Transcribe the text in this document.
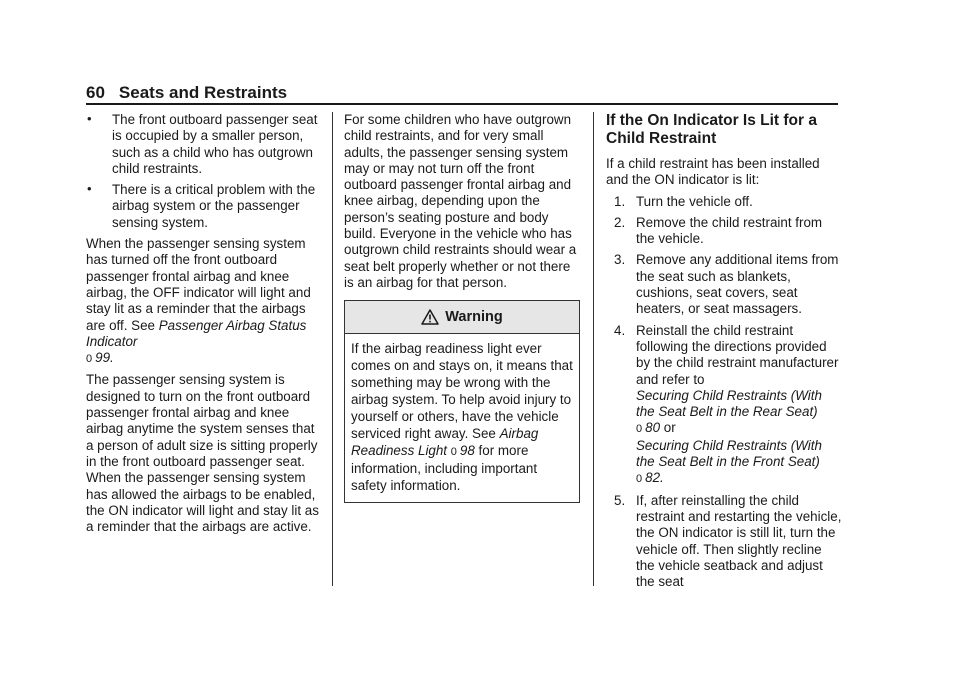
60 Seats and Restraints
• The front outboard passenger seat is occupied by a smaller person, such as a child who has outgrown child restraints.
• There is a critical problem with the airbag system or the passenger sensing system.

When the passenger sensing system has turned off the front outboard passenger frontal airbag and knee airbag, the OFF indicator will light and stay lit as a reminder that the airbags are off. See Passenger Airbag Status Indicator
0 99.

The passenger sensing system is designed to turn on the front outboard passenger frontal airbag and knee airbag anytime the system senses that a person of adult size is sitting properly in the front outboard passenger seat. When the passenger sensing system has allowed the airbags to be enabled, the ON indicator will light and stay lit as a reminder that the airbags are active.

For some children who have outgrown child restraints, and for very small adults, the passenger sensing system may or may not turn off the front outboard passenger frontal airbag and knee airbag, depending upon the person’s seating posture and body build. Everyone in the vehicle who has outgrown child restraints should wear a seat belt properly whether or not there is an airbag for that person.

Warning
If the airbag readiness light ever comes on and stays on, it means that something may be wrong with the airbag system. To help avoid injury to yourself or others, have the vehicle serviced right away. See Airbag Readiness Light 0 98 for more information, including important safety information.
If the On Indicator Is Lit for a Child Restraint

If a child restraint has been installed and the ON indicator is lit:

1. Turn the vehicle off.
2. Remove the child restraint from the vehicle.
3. Remove any additional items from the seat such as blankets, cushions, seat covers, seat heaters, or seat massagers.
4. Reinstall the child restraint following the directions provided by the child restraint manufacturer and refer to
Securing Child Restraints (With the Seat Belt in the Rear Seat)
0 80 or
Securing Child Restraints (With the Seat Belt in the Front Seat)
0 82.
5. If, after reinstalling the child restraint and restarting the vehicle, the ON indicator is still lit, turn the vehicle off. Then slightly recline the vehicle seatback and adjust the seat
